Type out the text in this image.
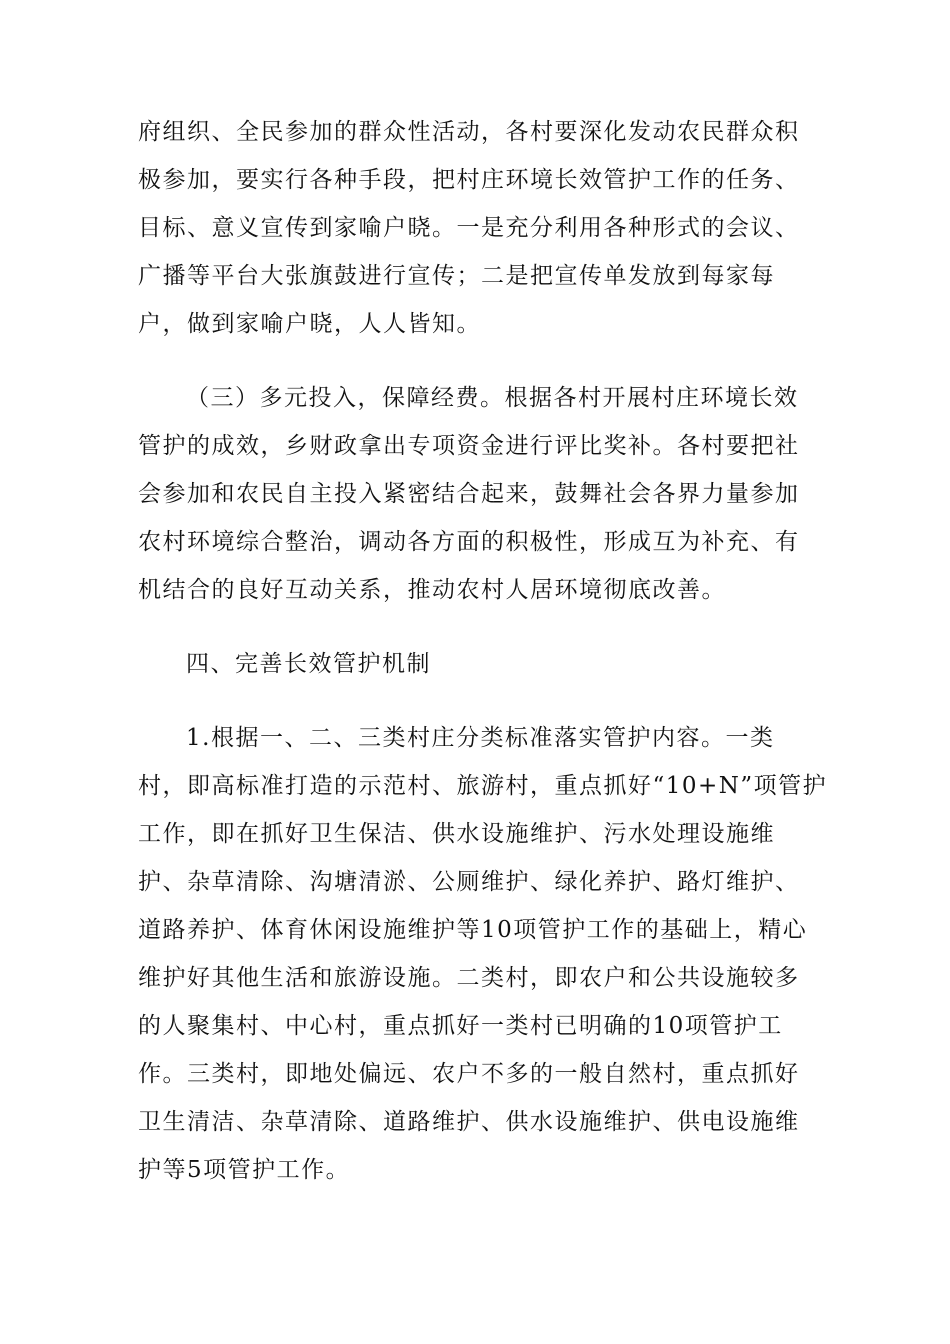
府组织、全民参加的群众性活动，各村要深化发动农民群众积
极参加，要实行各种手段，把村庄环境长效管护工作的任务、
目标、意义宣传到家喻户晓。一是充分利用各种形式的会议、
广播等平台大张旗鼓进行宣传；二是把宣传单发放到每家每
户，做到家喻户晓，人人皆知。
（三）多元投入，保障经费。根据各村开展村庄环境长效
管护的成效，乡财政拿出专项资金进行评比奖补。各村要把社
会参加和农民自主投入紧密结合起来，鼓舞社会各界力量参加
农村环境综合整治，调动各方面的积极性，形成互为补充、有
机结合的良好互动关系，推动农村人居环境彻底改善。
四、完善长效管护机制
1.根据一、二、三类村庄分类标准落实管护内容。一类
村，即高标准打造的示范村、旅游村，重点抓好“10+N”项管护
工作，即在抓好卫生保洁、供水设施维护、污水处理设施维
护、杂草清除、沟塘清淤、公厕维护、绿化养护、路灯维护、
道路养护、体育休闲设施维护等10项管护工作的基础上，精心
维护好其他生活和旅游设施。二类村，即农户和公共设施较多
的人聚集村、中心村，重点抓好一类村已明确的10项管护工
作。三类村，即地处偏远、农户不多的一般自然村，重点抓好
卫生清洁、杂草清除、道路维护、供水设施维护、供电设施维
护等5项管护工作。
